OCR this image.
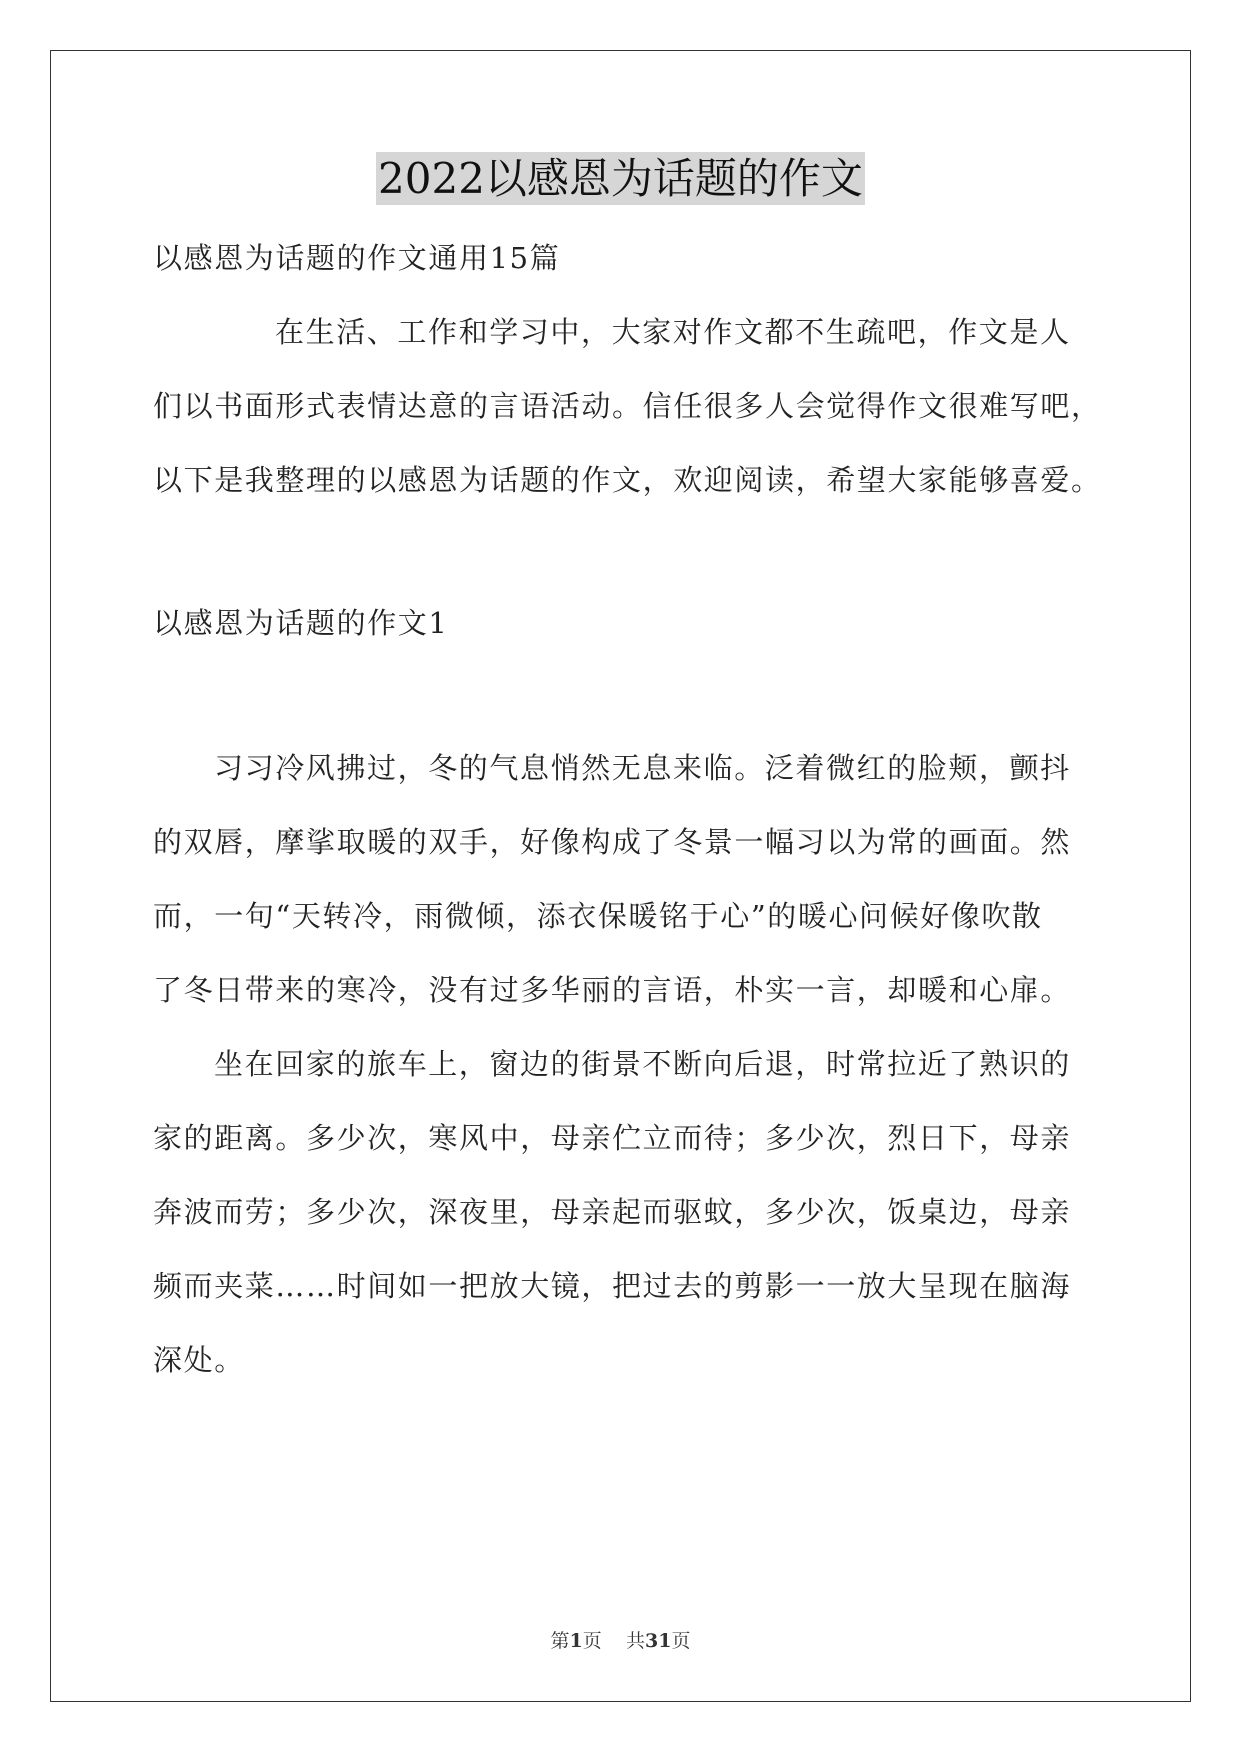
2022以感恩为话题的作文
以感恩为话题的作文通用15篇
在生活、工作和学习中，大家对作文都不生疏吧，作文是人
们以书面形式表情达意的言语活动。信任很多人会觉得作文很难写吧，
以下是我整理的以感恩为话题的作文，欢迎阅读，希望大家能够喜爱。
以感恩为话题的作文1
习习冷风拂过，冬的气息悄然无息来临。泛着微红的脸颊，颤抖
的双唇，摩挲取暖的双手，好像构成了冬景一幅习以为常的画面。然
而，一句“天转冷，雨微倾，添衣保暖铭于心”的暖心问候好像吹散
了冬日带来的寒冷，没有过多华丽的言语，朴实一言，却暖和心扉。
坐在回家的旅车上，窗边的街景不断向后退，时常拉近了熟识的
家的距离。多少次，寒风中，母亲伫立而待；多少次，烈日下，母亲
奔波而劳；多少次，深夜里，母亲起而驱蚊，多少次，饭桌边，母亲
频而夹菜……时间如一把放大镜，把过去的剪影一一放大呈现在脑海
深处。
第1页 共31页
